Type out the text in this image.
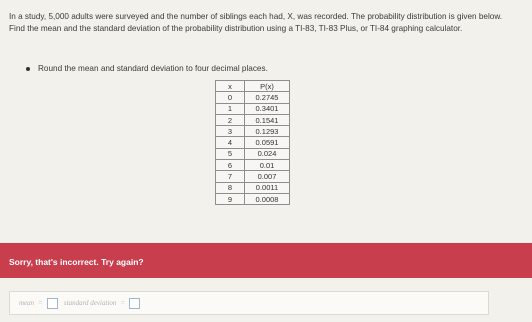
In a study, 5,000 adults were surveyed and the number of siblings each had, X, was recorded. The probability distribution is given below. Find the mean and the standard deviation of the probability distribution using a TI-83, TI-83 Plus, or TI-84 graphing calculator.
Round the mean and standard deviation to four decimal places.
x	P(x)
0	0.2745
1	0.3401
2	0.1541
3	0.1293
4	0.0591
5	0.024
6	0.01
7	0.007
8	0.0011
9	0.0008
Sorry, that's incorrect. Try again?
mean =	standard deviation =
